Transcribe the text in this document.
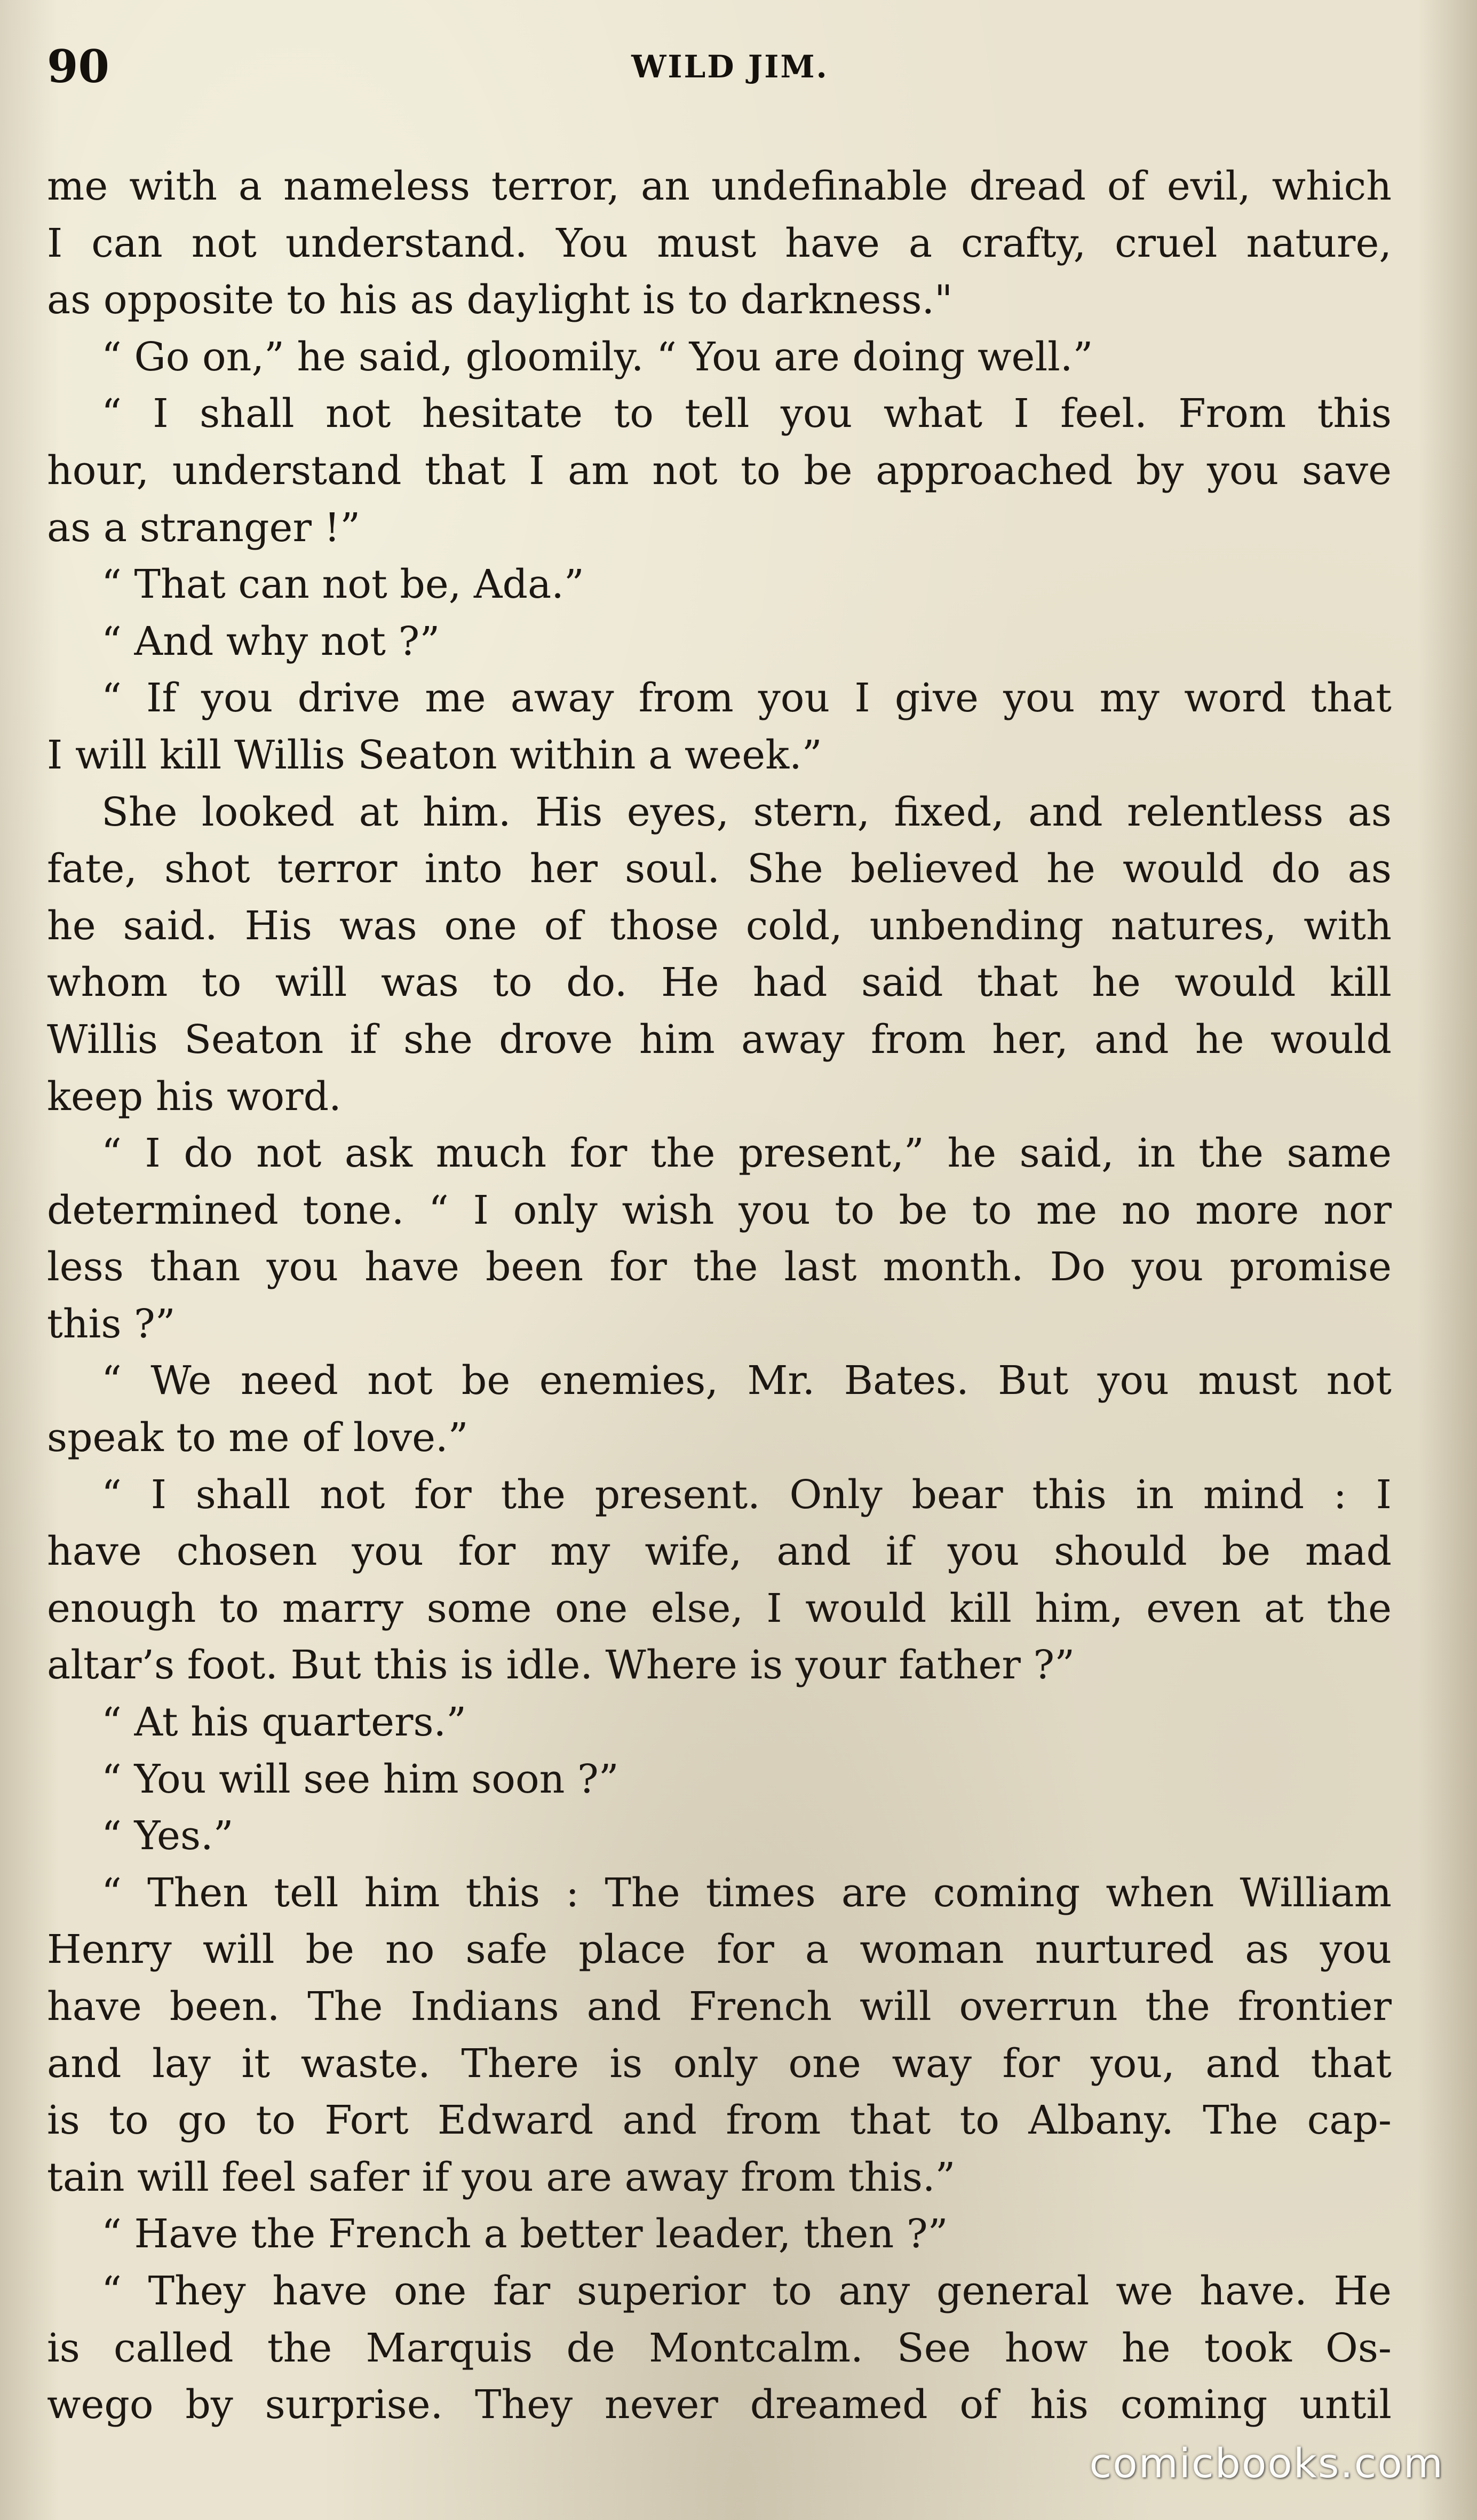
90	WILD JIM.
me with a nameless terror, an undefinable dread of evil, which
I can not understand. You must have a crafty, cruel nature,
as opposite to his as daylight is to darkness."
“ Go on,” he said, gloomily. “ You are doing well.”
“ I shall not hesitate to tell you what I feel. From this
hour, understand that I am not to be approached by you save
as a stranger !”
“ That can not be, Ada.”
“ And why not ?”
“ If you drive me away from you I give you my word that
I will kill Willis Seaton within a week.”
She looked at him. His eyes, stern, fixed, and relentless as
fate, shot terror into her soul. She believed he would do as
he said. His was one of those cold, unbending natures, with
whom to will was to do. He had said that he would kill
Willis Seaton if she drove him away from her, and he would
keep his word.
“ I do not ask much for the present,” he said, in the same
determined tone. “ I only wish you to be to me no more nor
less than you have been for the last month. Do you promise
this ?”
“ We need not be enemies, Mr. Bates. But you must not
speak to me of love.”
“ I shall not for the present. Only bear this in mind : I
have chosen you for my wife, and if you should be mad
enough to marry some one else, I would kill him, even at the
altar’s foot. But this is idle. Where is your father ?”
“ At his quarters.”
“ You will see him soon ?”
“ Yes.”
“ Then tell him this : The times are coming when William
Henry will be no safe place for a woman nurtured as you
have been. The Indians and French will overrun the frontier
and lay it waste. There is only one way for you, and that
is to go to Fort Edward and from that to Albany. The cap-
tain will feel safer if you are away from this.”
“ Have the French a better leader, then ?”
“ They have one far superior to any general we have. He
is called the Marquis de Montcalm. See how he took Os-
wego by surprise. They never dreamed of his coming until
comicbooks.com
